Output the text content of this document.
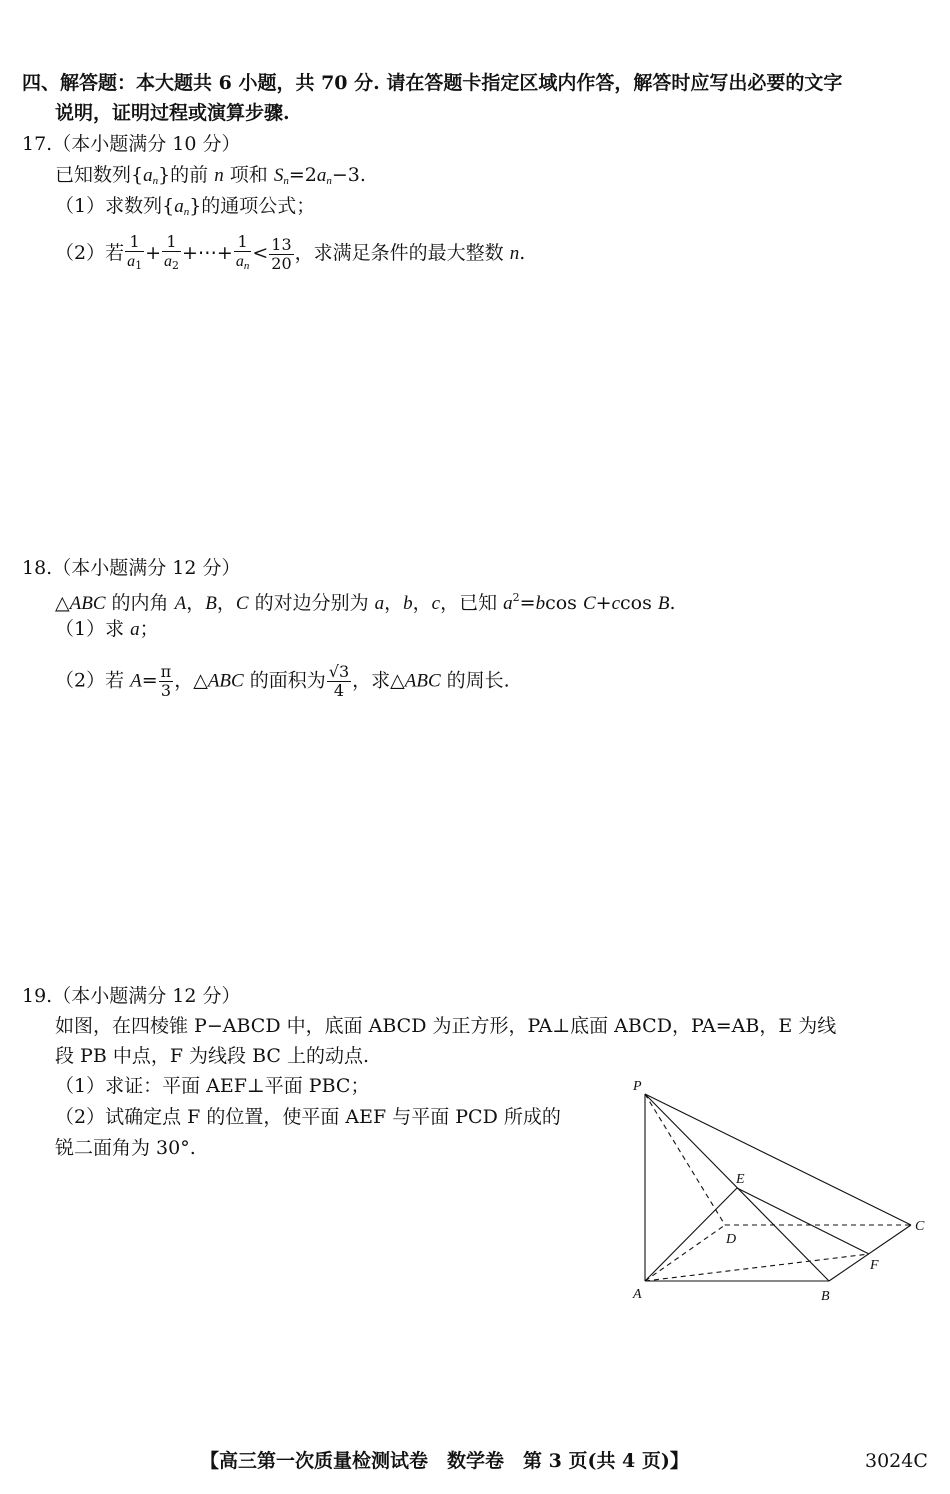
四、解答题：本大题共 6 小题，共 70 分. 请在答题卡指定区域内作答，解答时应写出必要的文字
说明，证明过程或演算步骤.
17.（本小题满分 10 分）
已知数列$\{a_n\}$的前 n 项和 $S_n=2a_n-3$.
（1）求数列$\{a_n\}$的通项公式；
（2）若 $\frac{1}{a_1} + \frac{1}{a_2}$ +⋯+ $\frac{1}{a_n} < \frac{13}{20}$ ，求满足条件的最大整数 n.
18.（本小题满分 12 分）
△ABC 的内角 A，B，C 的对边分别为 a，b，c，已知 $a^2=bcos$ C+ccos B.
（1）求 a；
（2）若 $A= \frac{\pi}{3}$ ，△ABC 的面积为 $\frac{√3}{4}$ ，求△ABC 的周长.
19.（本小题满分 12 分）
如图，在四棱锥 P−ABCD 中，底面 ABCD 为正方形，PA⊥底面 ABCD，PA=AB，E 为线
段 PB 中点，F 为线段 BC 上的动点.
（1）求证：平面 AEF⊥平面 PBC；
（2）试确定点 F 的位置，使平面 AEF 与平面 PCD 所成的
锐二面角为 30°.
P
A	B
C
D
E
F
【高三第一次质量检测试卷　数学卷　第 3 页(共 4 页)】	3024C
